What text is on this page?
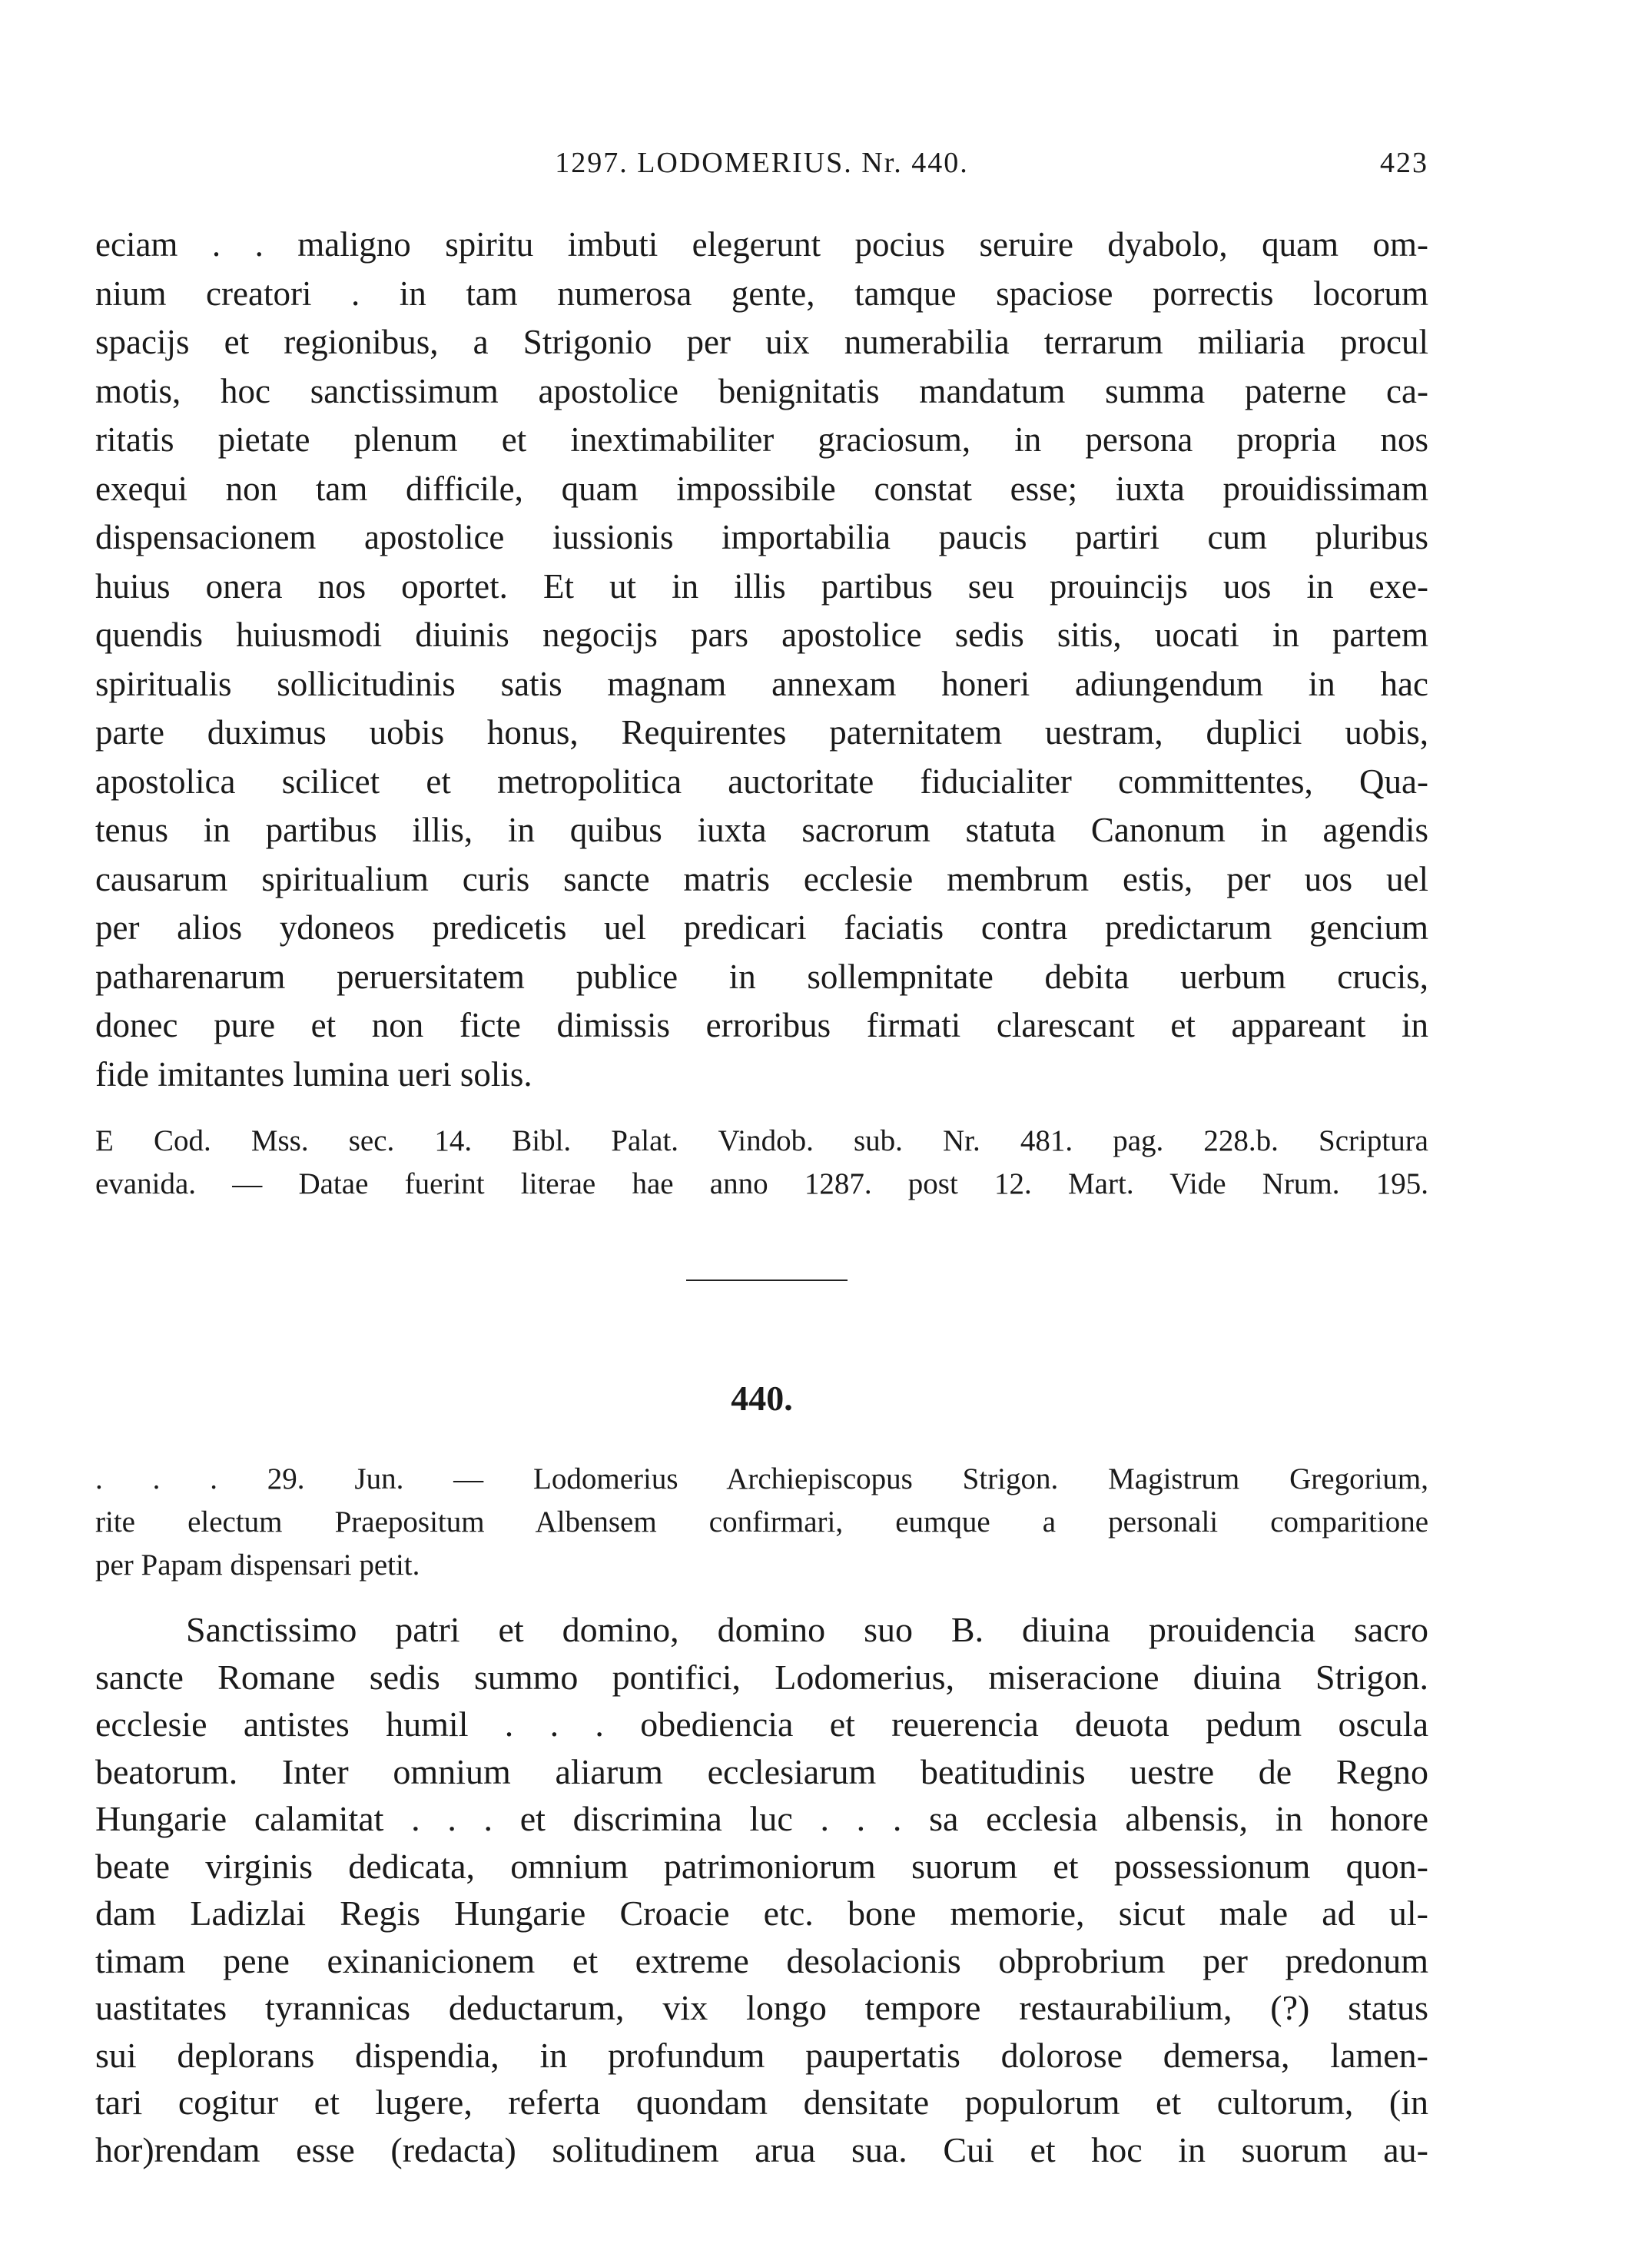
1297. LODOMERIUS. Nr. 440.	423
eciam . . maligno spiritu imbuti elegerunt pocius seruire dyabolo, quam om-
nium creatori . in tam numerosa gente, tamque spaciose porrectis locorum
spacijs et regionibus, a Strigonio per uix numerabilia terrarum miliaria procul
motis, hoc sanctissimum apostolice benignitatis mandatum summa paterne ca-
ritatis pietate plenum et inextimabiliter graciosum, in persona propria nos
exequi non tam difficile, quam impossibile constat esse; iuxta prouidissimam
dispensacionem apostolice iussionis importabilia paucis partiri cum pluribus
huius onera nos oportet. Et ut in illis partibus seu prouincijs uos in exe-
quendis huiusmodi diuinis negocijs pars apostolice sedis sitis, uocati in partem
spiritualis sollicitudinis satis magnam annexam honeri adiungendum in hac
parte duximus uobis honus, Requirentes paternitatem uestram, duplici uobis,
apostolica scilicet et metropolitica auctoritate fiducialiter committentes, Qua-
tenus in partibus illis, in quibus iuxta sacrorum statuta Canonum in agendis
causarum spiritualium curis sancte matris ecclesie membrum estis, per uos uel
per alios ydoneos predicetis uel predicari faciatis contra predictarum gencium
patharenarum peruersitatem publice in sollempnitate debita uerbum crucis,
donec pure et non ficte dimissis erroribus firmati clarescant et appareant in
fide imitantes lumina ueri solis.
E Cod. Mss. sec. 14. Bibl. Palat. Vindob. sub. Nr. 481. pag. 228.b. Scriptura
evanida. — Datae fuerint literae hae anno 1287. post 12. Mart. Vide Nrum. 195.
440.
. . . 29. Jun. — Lodomerius Archiepiscopus Strigon. Magistrum Gregorium,
rite electum Praepositum Albensem confirmari, eumque a personali comparitione
per Papam dispensari petit.
Sanctissimo patri et domino, domino suo B. diuina prouidencia sacro
sancte Romane sedis summo pontifici, Lodomerius, miseracione diuina Strigon.
ecclesie antistes humil . . . obediencia et reuerencia deuota pedum oscula
beatorum. Inter omnium aliarum ecclesiarum beatitudinis uestre de Regno
Hungarie calamitat . . . et discrimina luc . . . sa ecclesia albensis, in honore
beate virginis dedicata, omnium patrimoniorum suorum et possessionum quon-
dam Ladizlai Regis Hungarie Croacie etc. bone memorie, sicut male ad ul-
timam pene exinanicionem et extreme desolacionis obprobrium per predonum
uastitates tyrannicas deductarum, vix longo tempore restaurabilium, (?) status
sui deplorans dispendia, in profundum paupertatis dolorose demersa, lamen-
tari cogitur et lugere, referta quondam densitate populorum et cultorum, (in
hor)rendam esse (redacta) solitudinem arua sua. Cui et hoc in suorum au-
